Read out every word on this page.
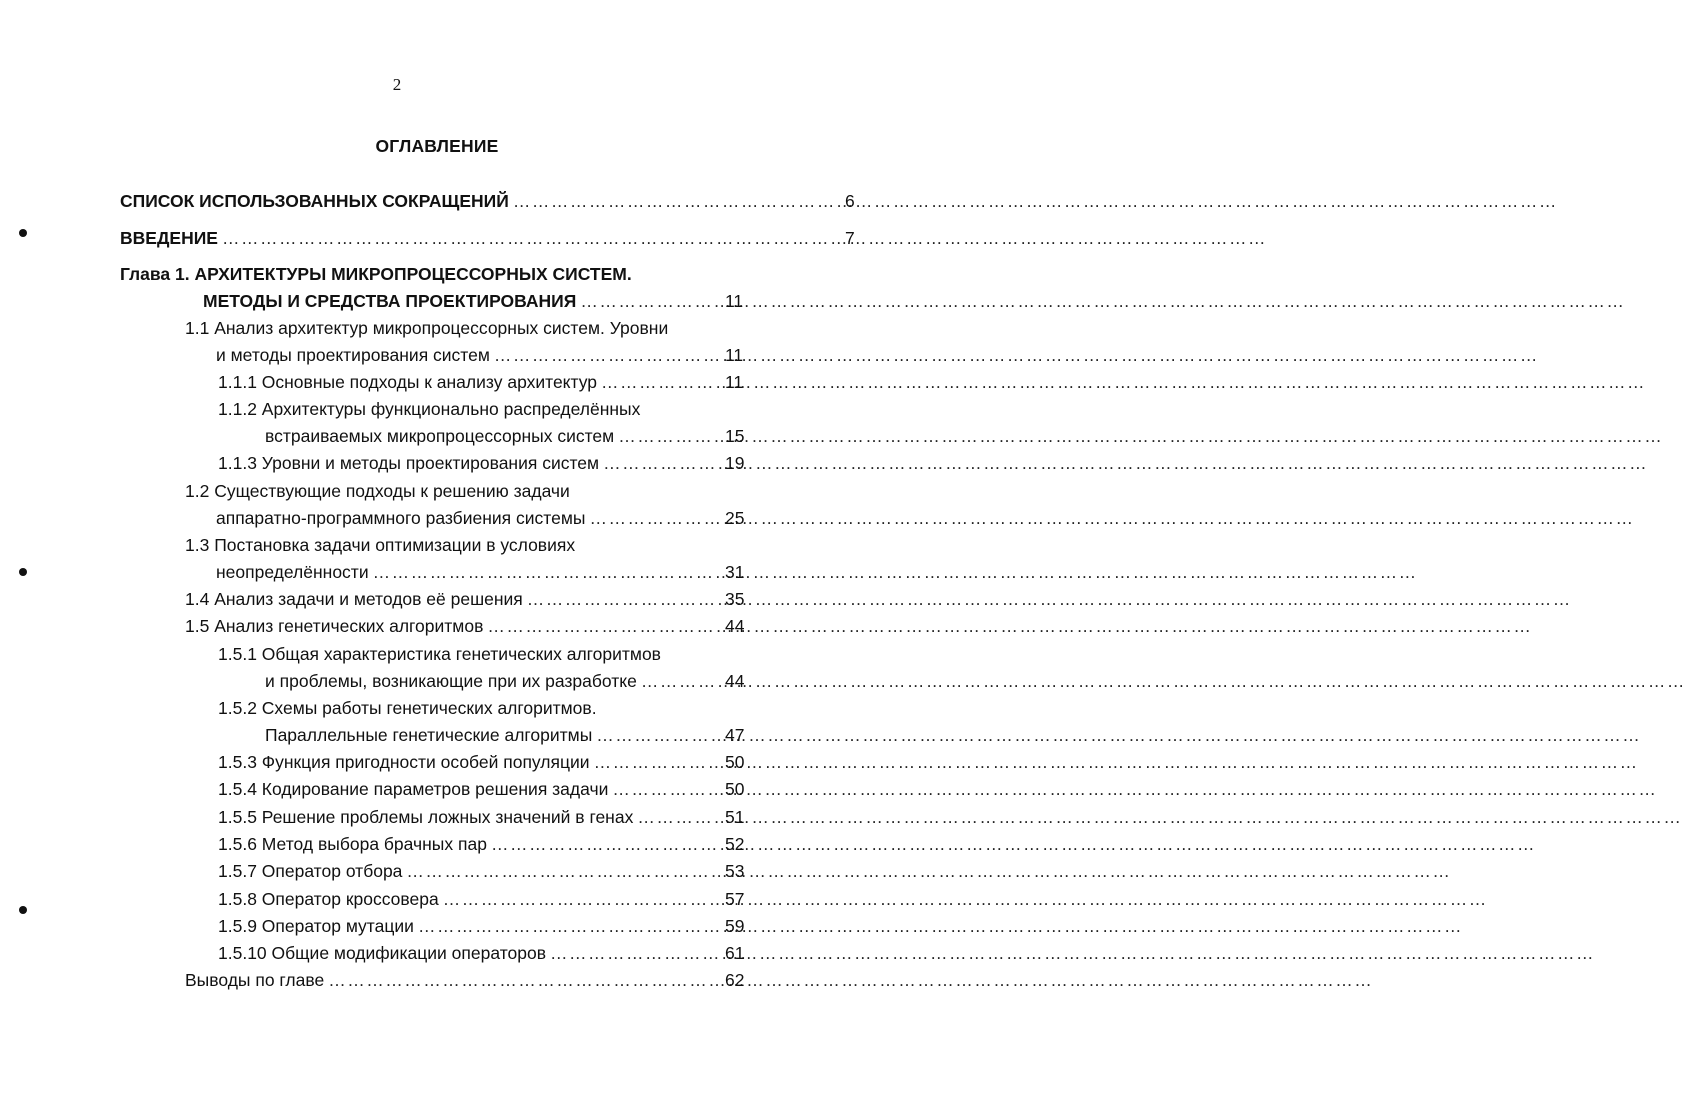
2
ОГЛАВЛЕНИЕ
СПИСОК ИСПОЛЬЗОВАННЫХ СОКРАЩЕНИЙ …………………………………………………………………………………………………………………………………………………	6
ВВЕДЕНИЕ …………………………………………………………………………………………………………………………………………………	7
Глава 1. АРХИТЕКТУРЫ МИКРОПРОЦЕССОРНЫХ СИСТЕМ.
МЕТОДЫ И СРЕДСТВА ПРОЕКТИРОВАНИЯ …………………………………………………………………………………………………………………………………………………	11
1.1 Анализ архитектур микропроцессорных систем. Уровни
и методы проектирования систем …………………………………………………………………………………………………………………………………………………	11
1.1.1 Основные подходы к анализу архитектур …………………………………………………………………………………………………………………………………………………	11
1.1.2 Архитектуры функционально распределённых
встраиваемых микропроцессорных систем …………………………………………………………………………………………………………………………………………………	15
1.1.3 Уровни и методы проектирования систем …………………………………………………………………………………………………………………………………………………	19
1.2 Существующие подходы к решению задачи
аппаратно-программного разбиения системы …………………………………………………………………………………………………………………………………………………	25
1.3 Постановка задачи оптимизации в условиях
неопределённости …………………………………………………………………………………………………………………………………………………	31
1.4 Анализ задачи и методов её решения …………………………………………………………………………………………………………………………………………………	35
1.5 Анализ генетических алгоритмов …………………………………………………………………………………………………………………………………………………	44
1.5.1 Общая характеристика генетических алгоритмов
и проблемы, возникающие при их разработке …………………………………………………………………………………………………………………………………………………	44
1.5.2 Схемы работы генетических алгоритмов.
Параллельные генетические алгоритмы …………………………………………………………………………………………………………………………………………………	47
1.5.3 Функция пригодности особей популяции …………………………………………………………………………………………………………………………………………………	50
1.5.4 Кодирование параметров решения задачи …………………………………………………………………………………………………………………………………………………	50
1.5.5 Решение проблемы ложных значений в генах …………………………………………………………………………………………………………………………………………………	51
1.5.6 Метод выбора брачных пар …………………………………………………………………………………………………………………………………………………	52
1.5.7 Оператор отбора …………………………………………………………………………………………………………………………………………………	53
1.5.8 Оператор кроссовера …………………………………………………………………………………………………………………………………………………	57
1.5.9 Оператор мутации …………………………………………………………………………………………………………………………………………………	59
1.5.10 Общие модификации операторов …………………………………………………………………………………………………………………………………………………	61
Выводы по главе …………………………………………………………………………………………………………………………………………………	62
